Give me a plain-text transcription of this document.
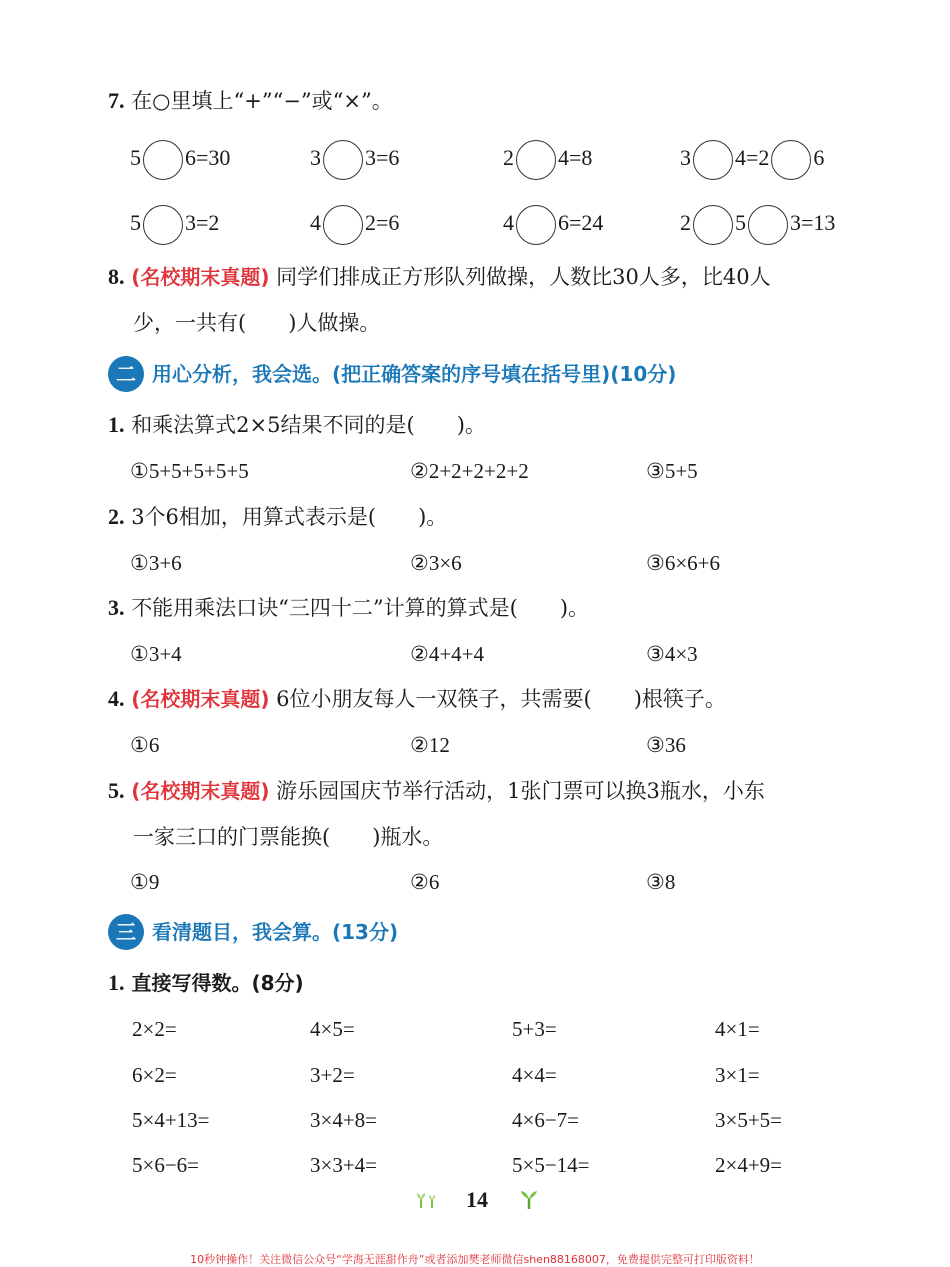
7. 在○里填上“+”“−”或“×”。
5 6=30	3 3=6	2 4=8	3 4=2 6
5 3=2	4 2=6	4 6=24	2 5 3=13
8. (名校期末真题) 同学们排成正方形队列做操，人数比30人多，比40人
少，一共有(　　)人做操。
二 用心分析，我会选。(把正确答案的序号填在括号里)(10分)
1. 和乘法算式2×5结果不同的是(　　)。
①5+5+5+5+5	②2+2+2+2+2	③5+5
2. 3个6相加，用算式表示是(　　)。
①3+6	②3×6	③6×6+6
3. 不能用乘法口诀“三四十二”计算的算式是(　　)。
①3+4	②4+4+4	③4×3
4. (名校期末真题) 6位小朋友每人一双筷子，共需要(　　)根筷子。
①6	②12	③36
5. (名校期末真题) 游乐园国庆节举行活动，1张门票可以换3瓶水，小东
一家三口的门票能换(　　)瓶水。
①9	②6	③8
三 看清题目，我会算。(13分)
1. 直接写得数。(8分)
2×2=	4×5=	5+3=	4×1=
6×2=	3+2=	4×4=	3×1=
5×4+13=	3×4+8=	4×6−7=	3×5+5=
5×6−6=	3×3+4=	5×5−14=	2×4+9=
14
10秒钟操作！关注微信公众号“学海无涯甜作舟”或者添加樊老师微信shen88168007，免费提供完整可打印版资料！
